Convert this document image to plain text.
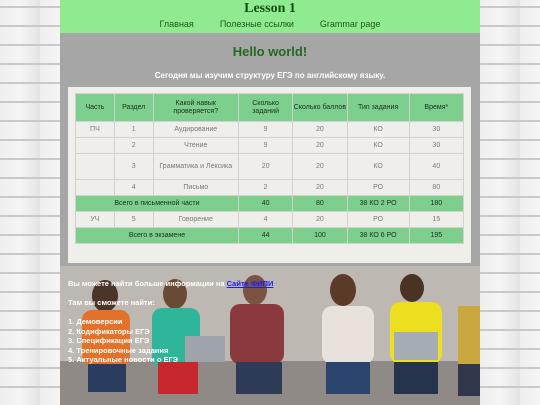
Lesson 1
Главная	Полезные ссылки	Grammar page
Hello world!
Сегодня мы изучим структуру ЕГЭ по английскому языку.
Часть	Раздел	Какой навык проверяется?	Сколько заданий	Сколько баллов	Тип задания	Время*
ПЧ	1	Аудирование	9	20	КО	30
	2	Чтение	9	20	КО	30
	3	Грамматика и Лексика	20	20	КО	40
	4	Письмо	2	20	РО	80
Всего в письменной части			40	80	38 КО 2 РО	180
УЧ	5	Говорение	4	20	РО	15
Всего в экзамене			44	100	38 КО 6 РО	195
Вы можете найти больше информации на Сайте ФИПИ
Там вы сможете найти:
1. Демоверсии
2. Кодификаторы ЕГЭ
3. Спецификации ЕГЭ
4. Тренировочные задания
5. Актуальные новости о ЕГЭ
